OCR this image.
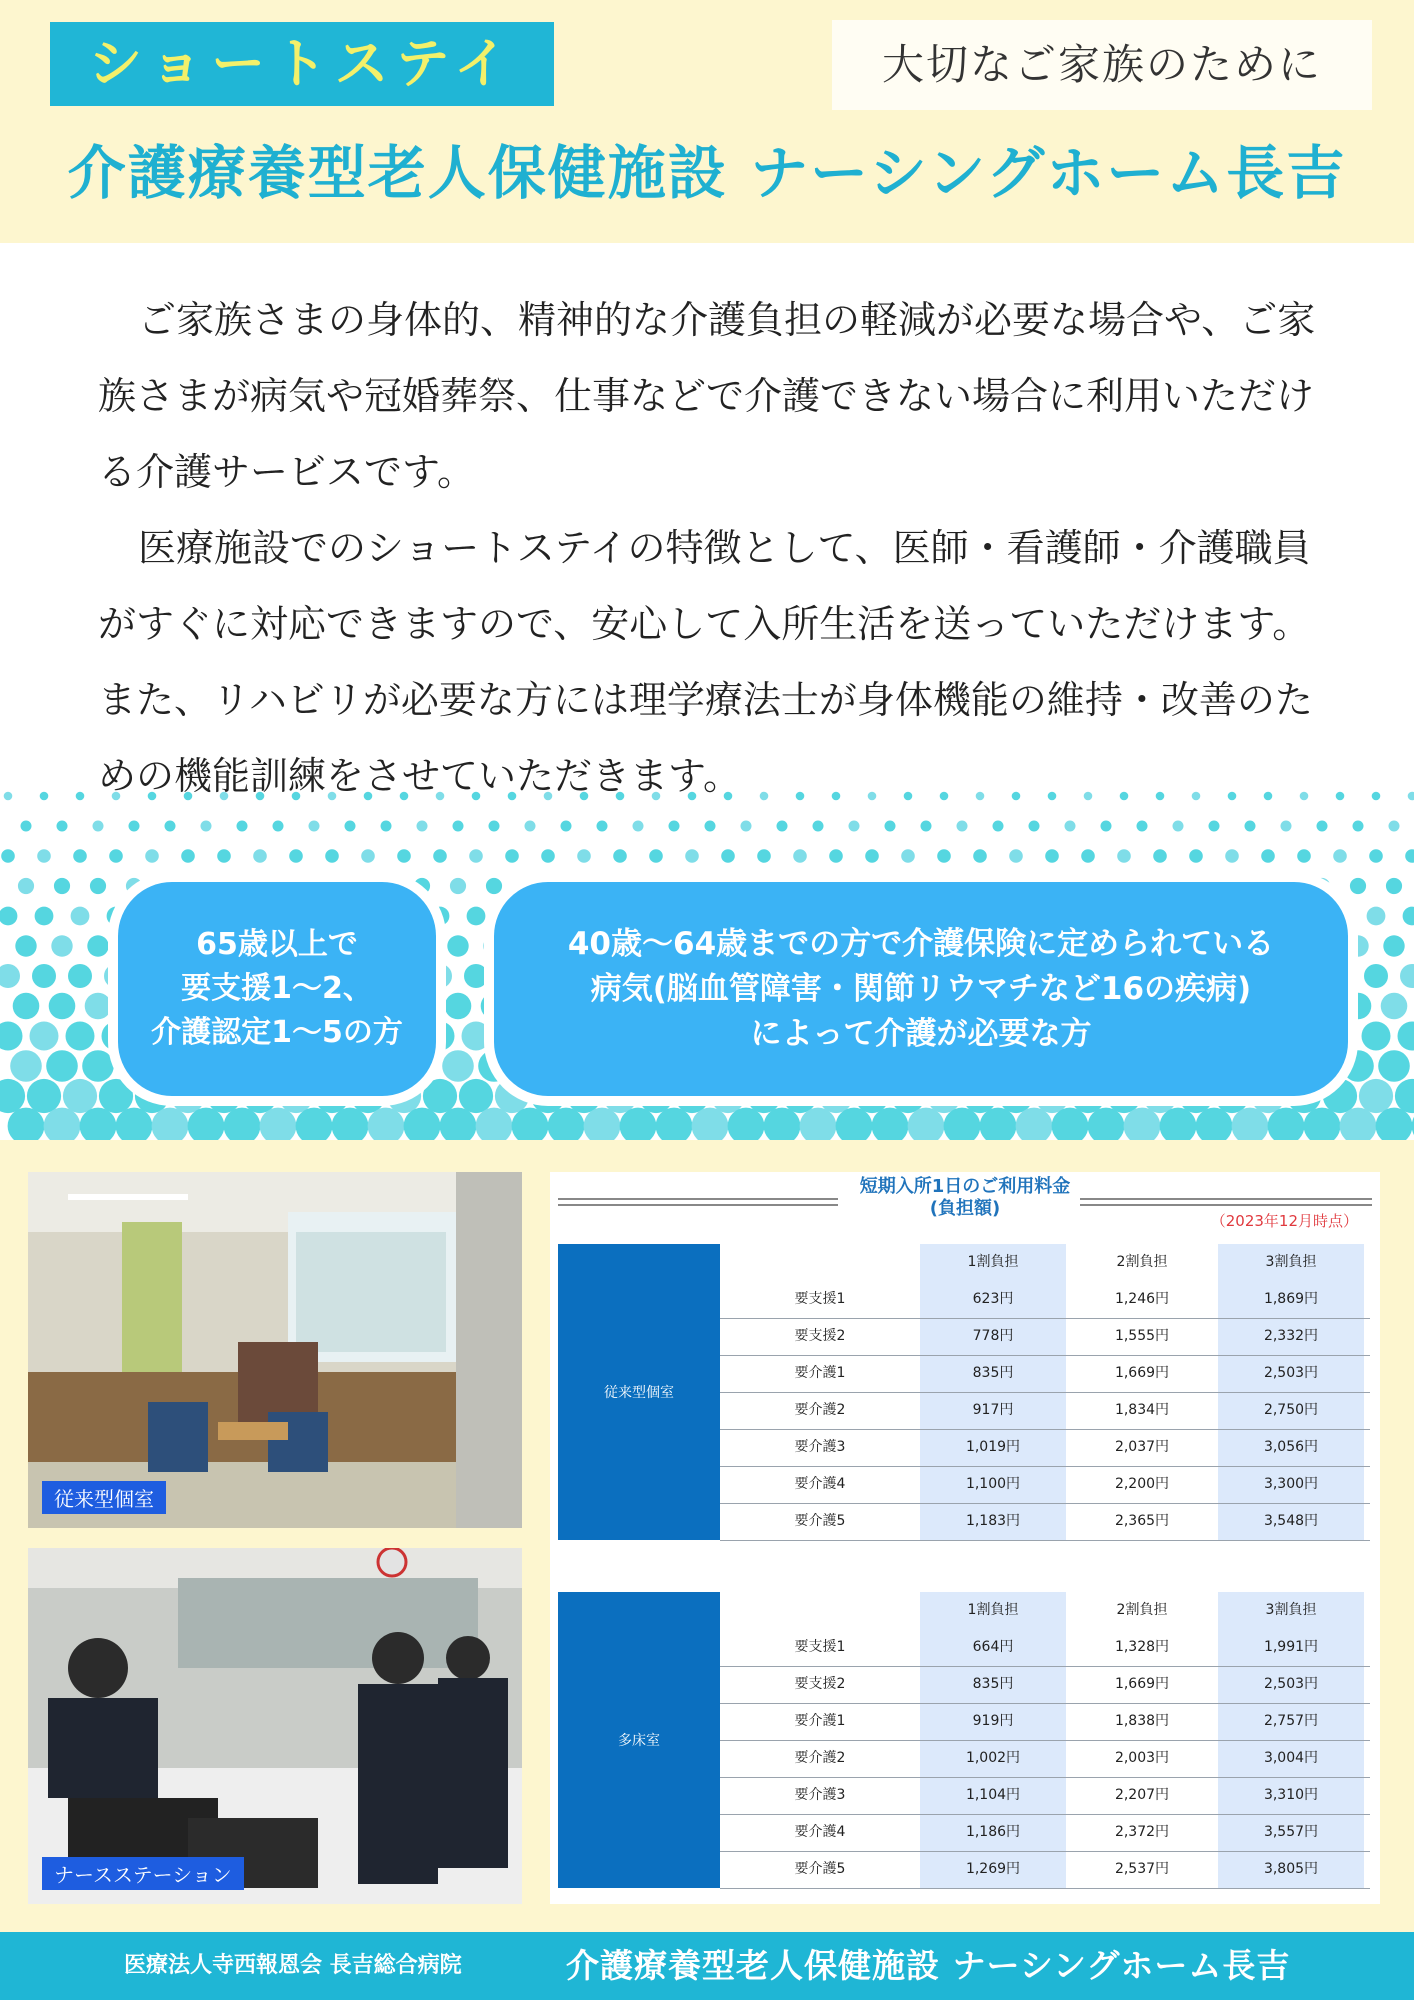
ショートステイ	大切なご家族のために
介護療養型老人保健施設 ナーシングホーム長吉

ご家族さまの身体的、精神的な介護負担の軽減が必要な場合や、ご家族さまが病気や冠婚葬祭、仕事などで介護できない場合に利用いただける介護サービスです。

医療施設でのショートステイの特徴として、医師・看護師・介護職員がすぐに対応できますので、安心して入所生活を送っていただけます。また、リハビリが必要な方には理学療法士が身体機能の維持・改善のための機能訓練をさせていただきます。

65歳以上で
要支援1～2、
介護認定1～5の方
40歳～64歳までの方で介護保険に定められている
病気(脳血管障害・関節リウマチなど16の疾病)
によって介護が必要な方
従来型個室
ナースステーション
短期入所1日のご利用料金
(負担額)
（2023年12月時点）
従来型個室
1割負担	2割負担	3割負担
要支援1	623円	1,246円	1,869円
要支援2	778円	1,555円	2,332円
要介護1	835円	1,669円	2,503円
要介護2	917円	1,834円	2,750円
要介護3	1,019円	2,037円	3,056円
要介護4	1,100円	2,200円	3,300円
要介護5	1,183円	2,365円	3,548円
多床室
1割負担	2割負担	3割負担
要支援1	664円	1,328円	1,991円
要支援2	835円	1,669円	2,503円
要介護1	919円	1,838円	2,757円
要介護2	1,002円	2,003円	3,004円
要介護3	1,104円	2,207円	3,310円
要介護4	1,186円	2,372円	3,557円
要介護5	1,269円	2,537円	3,805円
医療法人寺西報恩会 長吉総合病院	介護療養型老人保健施設 ナーシングホーム長吉
